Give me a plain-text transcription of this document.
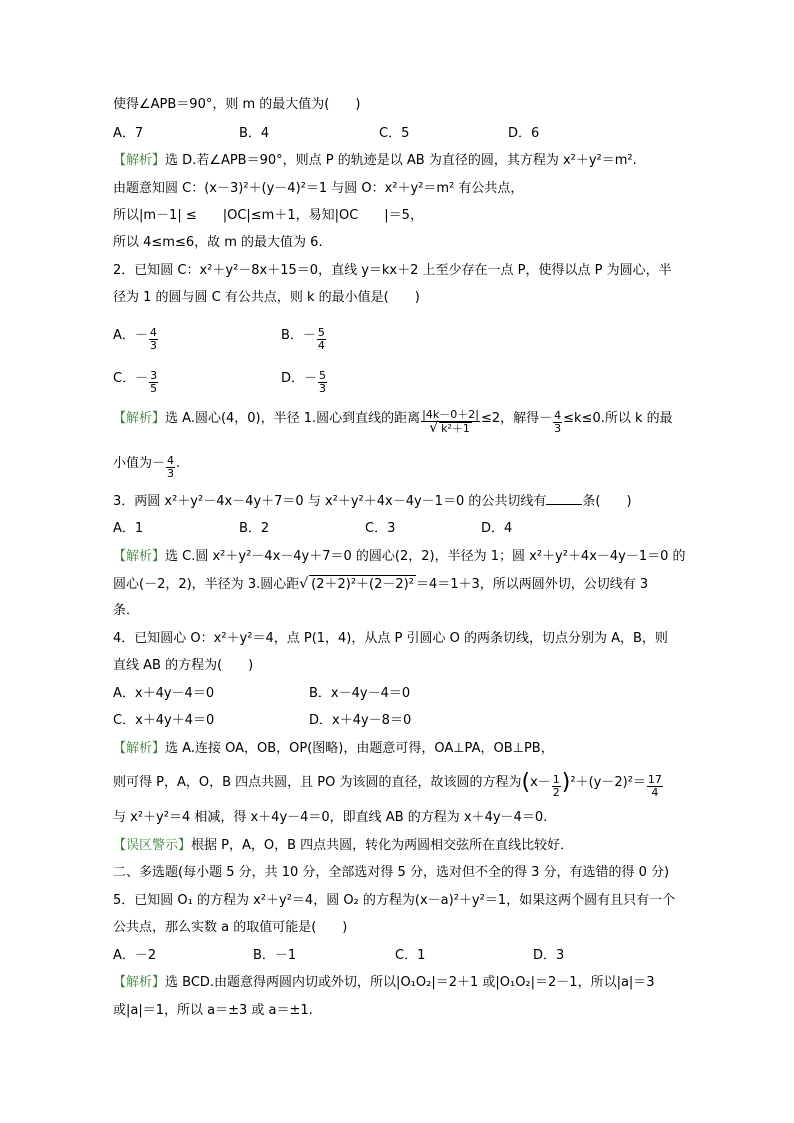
使得∠APB＝90°，则 m 的最大值为(　　)
A．7	B．4	C．5	D．6
【解析】选 D.若∠APB＝90°，则点 P 的轨迹是以 AB 为直径的圆，其方程为 x²＋y²＝m².
由题意知圆 C：(x－3)²＋(y－4)²＝1 与圆 O：x²＋y²＝m² 有公共点，
所以|m－1| ≤　　|OC|≤m＋1，易知|OC　　|＝5，
所以 4≤m≤6，故 m 的最大值为 6.
2．已知圆 C：x²＋y²－8x＋15＝0，直线 y＝kx＋2 上至少存在一点 P，使得以点 P 为圆心，半
径为 1 的圆与圆 C 有公共点，则 k 的最小值是(　　)
A．－ $\frac{4}{3}$	B．－ $\frac{5}{4}$
C．－ $\frac{3}{5}$	D．－ $\frac{5}{3}$
【解析】选 A.圆心(4，0)，半径 1.圆心到直线的距离 $\frac{|4k-0+2|}{\text{√ k²＋1}} \le 2$，解得－ $\frac{4}{3} \le k\le 0$.所以 k 的最
小值为－ $\frac{4}{3}$ .
3．两圆 x²＋y²－4x－4y＋7＝0 与 x²＋y²＋4x－4y－1＝0 的公共切线有	条(　　)
A．1	B．2	C．3	D．4
【解析】选 C.圆 x²＋y²－4x－4y＋7＝0 的圆心(2，2)，半径为 1；圆 x²＋y²＋4x－4y－1＝0 的
圆心(－2，2)，半径为 3.圆心距√ (2＋2)²＋(2－2)² ＝4＝1＋3，所以两圆外切，公切线有 3
条．
4．已知圆心 O：x²＋y²＝4，点 P(1，4)，从点 P 引圆心 O 的两条切线，切点分别为 A，B，则
直线 AB 的方程为(　　)
A．x＋4y－4＝0	B．x－4y－4＝0
C．x＋4y＋4＝0	D．x＋4y－8＝0
【解析】选 A.连接 OA，OB，OP(图略)，由题意可得，OA⊥PA，OB⊥PB，
则可得 P，A，O，B 四点共圆，且 PO 为该圆的直径，故该圆的方程为$(x- \frac{1}{2} )^2+(y-2)^2= \frac{17}{4}$
与 x²＋y²＝4 相减，得 x＋4y－4＝0，即直线 AB 的方程为 x＋4y－4＝0.
【误区警示】根据 P，A，O，B 四点共圆，转化为两圆相交弦所在直线比较好．
二、多选题(每小题 5 分，共 10 分，全部选对得 5 分，选对但不全的得 3 分，有选错的得 0 分)
5．已知圆 O₁ 的方程为 x²＋y²＝4，圆 O₂ 的方程为(x－a)²＋y²＝1，如果这两个圆有且只有一个
公共点，那么实数 a 的取值可能是(　　)
A．－2	B．－1	C．1	D．3
【解析】选 BCD.由题意得两圆内切或外切，所以|O₁O₂|＝2＋1 或|O₁O₂|＝2－1，所以|a|＝3
或|a|＝1，所以 a＝±3 或 a＝±1.
